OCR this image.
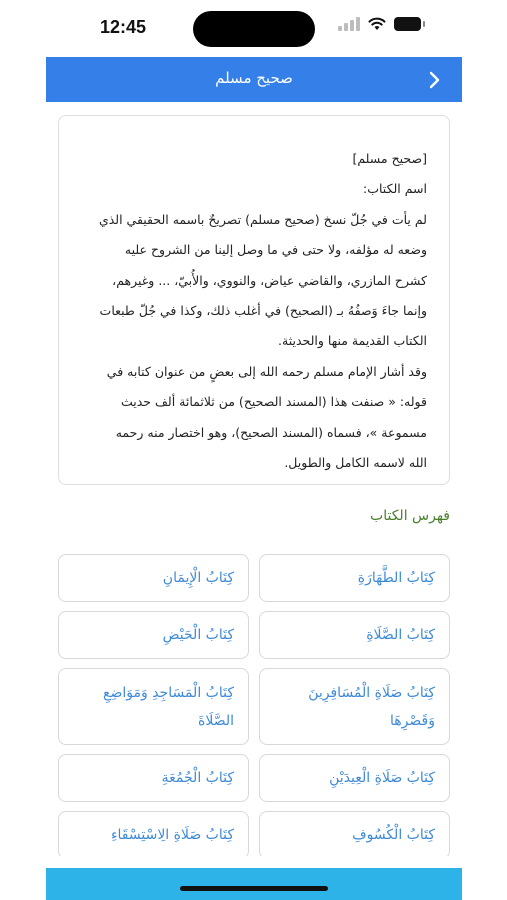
12:45
صحيح مسلم
[صحيح مسلم]
اسم الكتاب:
لم يأت في جُلّ نسخ (صحيح مسلم) تصريحٌ باسمه الحقيقي الذي
وضعه له مؤلفه، ولا حتى في ما وصل إلينا من الشروح عليه
كشرح المازري، والقاضي عياض، والنووي، والأُبيّ، ... وغيرهم،
وإنما جاءَ وَصفُهُ بـ (الصحيح) في أغلب ذلك، وكذا في جُلّ طبعات
الكتاب القديمة منها والحديثة.
وقد أشار الإمام مسلم رحمه الله إلى بعضٍ من عنوان كتابه في
قوله: « صنفت هذا (المسند الصحيح) من ثلاثمائة ألف حديث
مسموعة »، فسماه (المسند الصحيح)، وهو اختصار منه رحمه
الله لاسمه الكامل والطويل.
فهرس الكتاب
كِتَابُ الطَّهَارَةِ
كِتَابُ الْإِيمَانِ
كِتَابُ الصَّلَاةِ
كِتَابُ الْحَيْضِ
كِتَابُ صَلَاةِ الْمُسَافِرِينَ وَقَصْرِهَا
كِتَابُ الْمَسَاجِدِ وَمَوَاضِعِ الصَّلَاةَ
كِتَابُ صَلَاةِ الْعِيدَيْنِ
كِتَابُ الْجُمُعَةِ
كِتَابُ الْكُسُوفِ
كِتَابُ صَلَاةِ الِاسْتِسْقَاءِ
